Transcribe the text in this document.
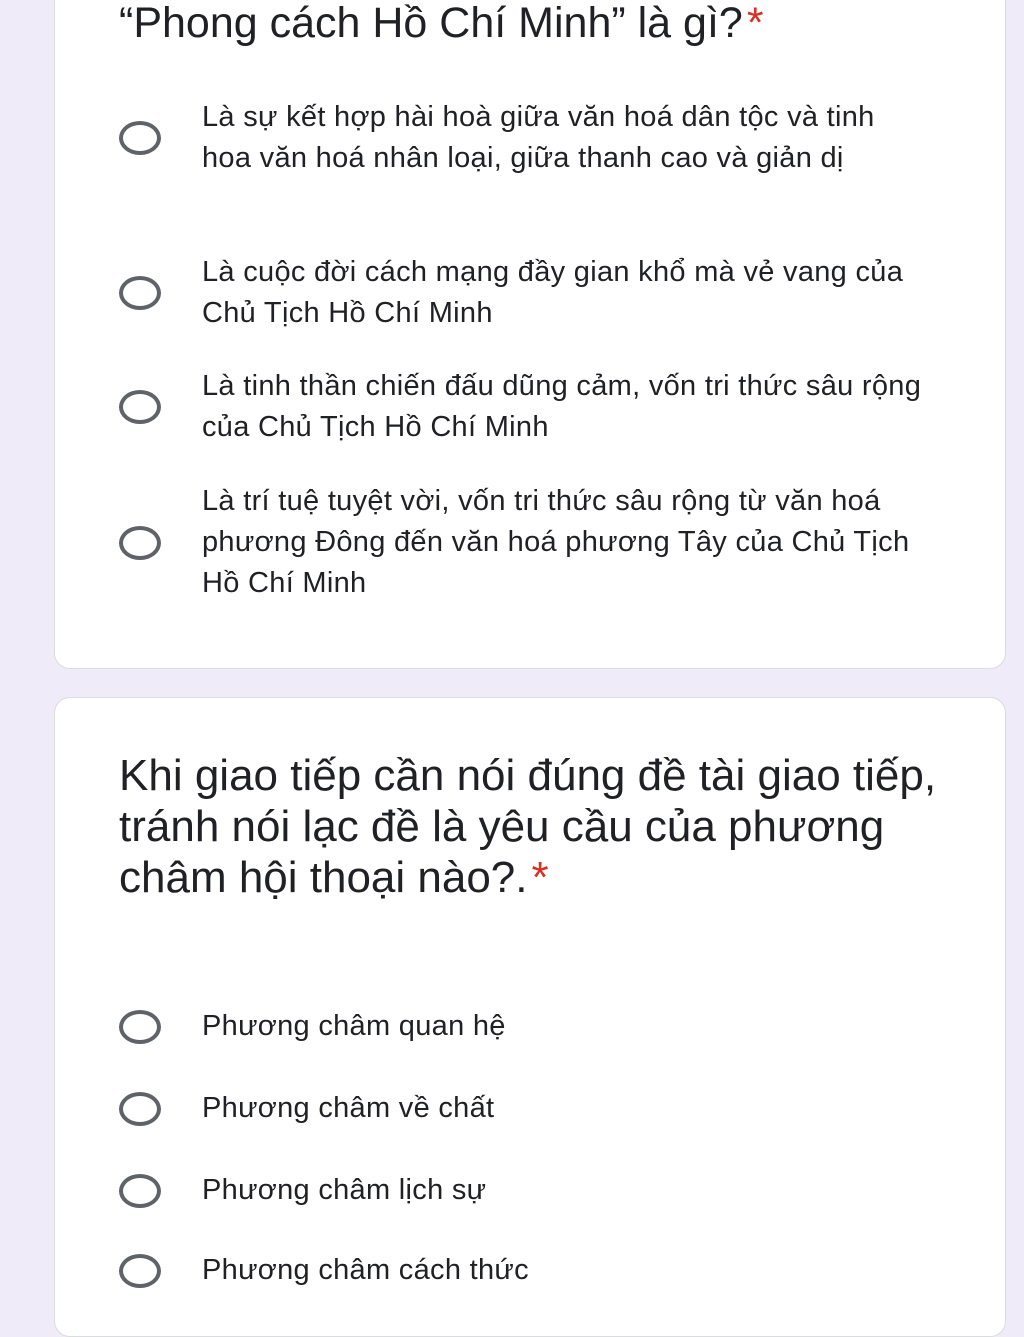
“Phong cách Hồ Chí Minh” là gì?*
Là sự kết hợp hài hoà giữa văn hoá dân tộc và tinh hoa văn hoá nhân loại, giữa thanh cao và giản dị
Là cuộc đời cách mạng đầy gian khổ mà vẻ vang của Chủ Tịch Hồ Chí Minh
Là tinh thần chiến đấu dũng cảm, vốn tri thức sâu rộng của Chủ Tịch Hồ Chí Minh
Là trí tuệ tuyệt vời, vốn tri thức sâu rộng từ văn hoá phương Đông đến văn hoá phương Tây của Chủ Tịch Hồ Chí Minh
Khi giao tiếp cần nói đúng đề tài giao tiếp, tránh nói lạc đề là yêu cầu của phương châm hội thoại nào?.*
Phương châm quan hệ
Phương châm về chất
Phương châm lịch sự
Phương châm cách thức
